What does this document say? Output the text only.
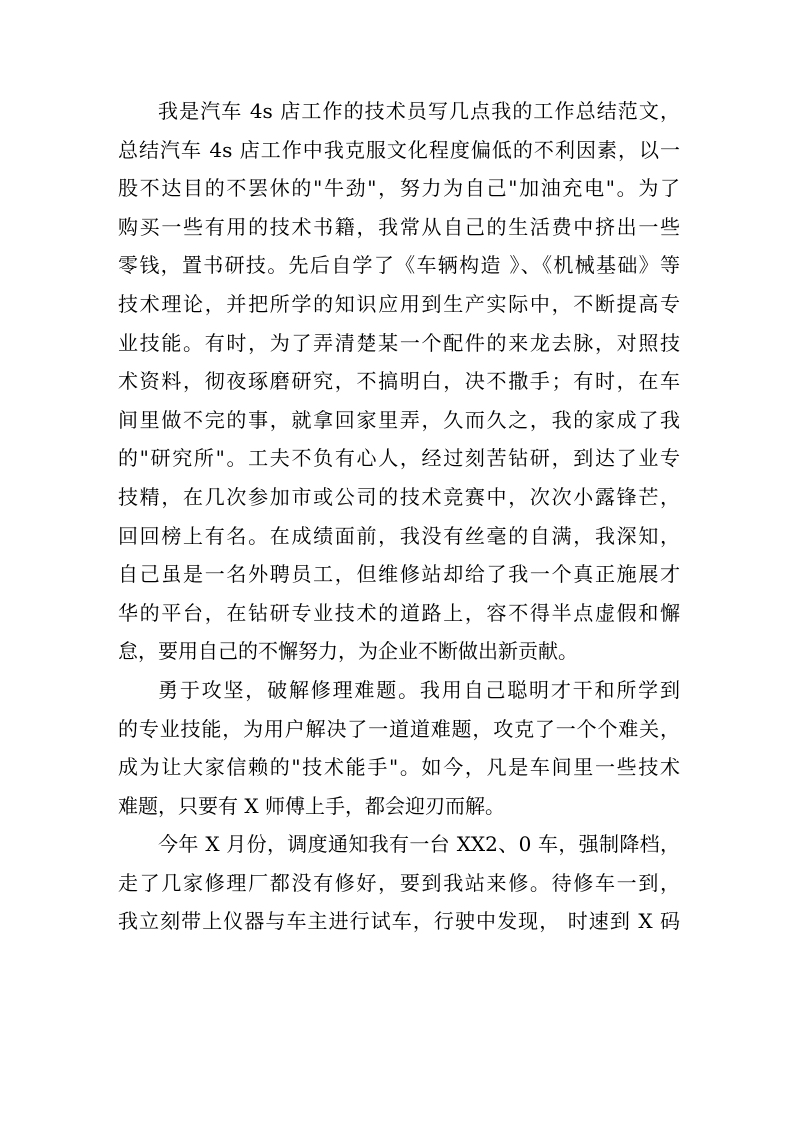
我是汽车 4s 店工作的技术员写几点我的工作总结范文，
总结汽车 4s 店工作中我克服文化程度偏低的不利因素，以一
股不达目的不罢休的"牛劲"，努力为自己"加油充电"。为了
购买一些有用的技术书籍，我常从自己的生活费中挤出一些
零钱，置书研技。先后自学了《车辆构造 》、《机械基础》等
技术理论，并把所学的知识应用到生产实际中，不断提高专
业技能。有时，为了弄清楚某一个配件的来龙去脉，对照技
术资料，彻夜琢磨研究，不搞明白，决不撒手；有时，在车
间里做不完的事，就拿回家里弄，久而久之，我的家成了我
的"研究所"。工夫不负有心人，经过刻苦钻研，到达了业专
技精，在几次参加市或公司的技术竞赛中，次次小露锋芒，
回回榜上有名。在成绩面前，我没有丝毫的自满，我深知，
自己虽是一名外聘员工，但维修站却给了我一个真正施展才
华的平台，在钻研专业技术的道路上，容不得半点虚假和懈
怠，要用自己的不懈努力，为企业不断做出新贡献。
勇于攻坚，破解修理难题。我用自己聪明才干和所学到
的专业技能，为用户解决了一道道难题，攻克了一个个难关，
成为让大家信赖的"技术能手"。如今，凡是车间里一些技术
难题，只要有 X 师傅上手，都会迎刃而解。
今年 X 月份，调度通知我有一台 XX2、0 车，强制降档，
走了几家修理厂都没有修好，要到我站来修。待修车一到，
我立刻带上仪器与车主进行试车，行驶中发现， 时速到 X 码
